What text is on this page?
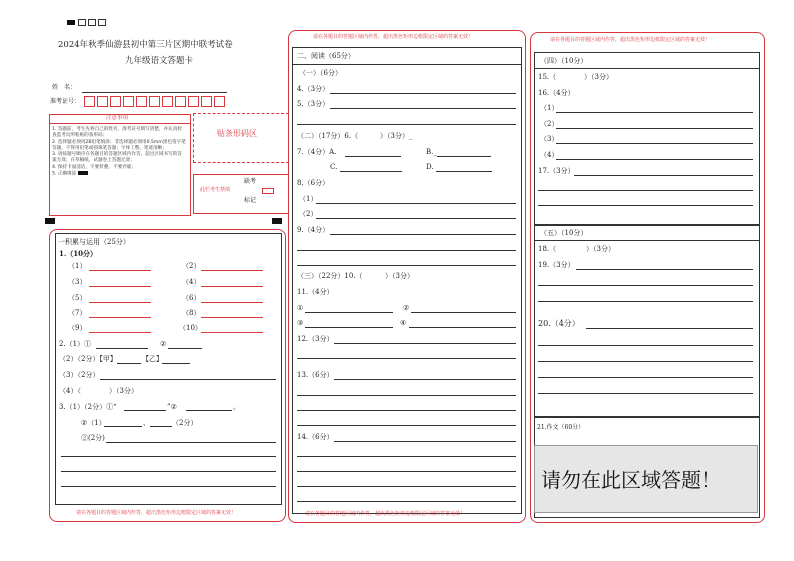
2024年秋季仙游县初中第三片区期中联考试卷
九年级语文答题卡
姓　名：
准考证号：
注意事项
1. 答题前，考生先将自己的姓名、准考证号填写清楚，并认真检查监考员所粘贴的条形码；
2. 选择题必须用2B铅笔填涂；非选择题必须用0.5mm黑色签字笔答题，不得用铅笔或圆珠笔答题；字体工整、笔迹清晰；
3. 请按题号顺序在各题目的答题区域内作答，超出区域书写的答案无效；在草稿纸、试题卷上答题无效；
4. 保持卡面清洁，不要折叠、不要弄破；
5. 正确填涂
贴条形码区
缺考
此栏考生禁填
标记
一积累与运用（25分）
1.（10分）
（1）	（2）
（3）	（4）
（5）	（6）
（7）	（8）
（9）	（10）
2.（1）①	②
（2）（2分）【甲】	【乙】
（3）（2分）
（4）（	）（3分）
3.（1）（2分）①“	”②	。
②（1）	、	（2分）
②(2分)
请在各题目的答题区域内作答，超出黑色矩形边框限定区域的答案无效！
请在各题目的答题区域内作答，超出黑色矩形边框限定区域的答案无效！
请在各题目的答题区域内作答，超出黑色矩形边框限定区域的答案无效！
二、阅读（65分）
（一）（6分）
4.（3分）
5.（3分）
（二）（17分）6.（	）（3分）_
7.（4分）A.	B._
C.	D.
8.（6分）
（1）
（2）
9.（4分）
（三）（22分）10.（	）（3分）
11.（4分）
①	②
③	④
12.（3分）
13.（6分）
14.（6分）
请在各题目的答题区域内作答，超出黑色矩形边框限定区域的答案无效！
（四）（10分）
15.（	）（3分）
16.（4分）
（1）
（2）
（3）
（4）
17.（3分）
（五）（10分）
18.（	）（3分）
19.（3分）
20.（4分）
21.作文（60分）
请勿在此区域答题！
